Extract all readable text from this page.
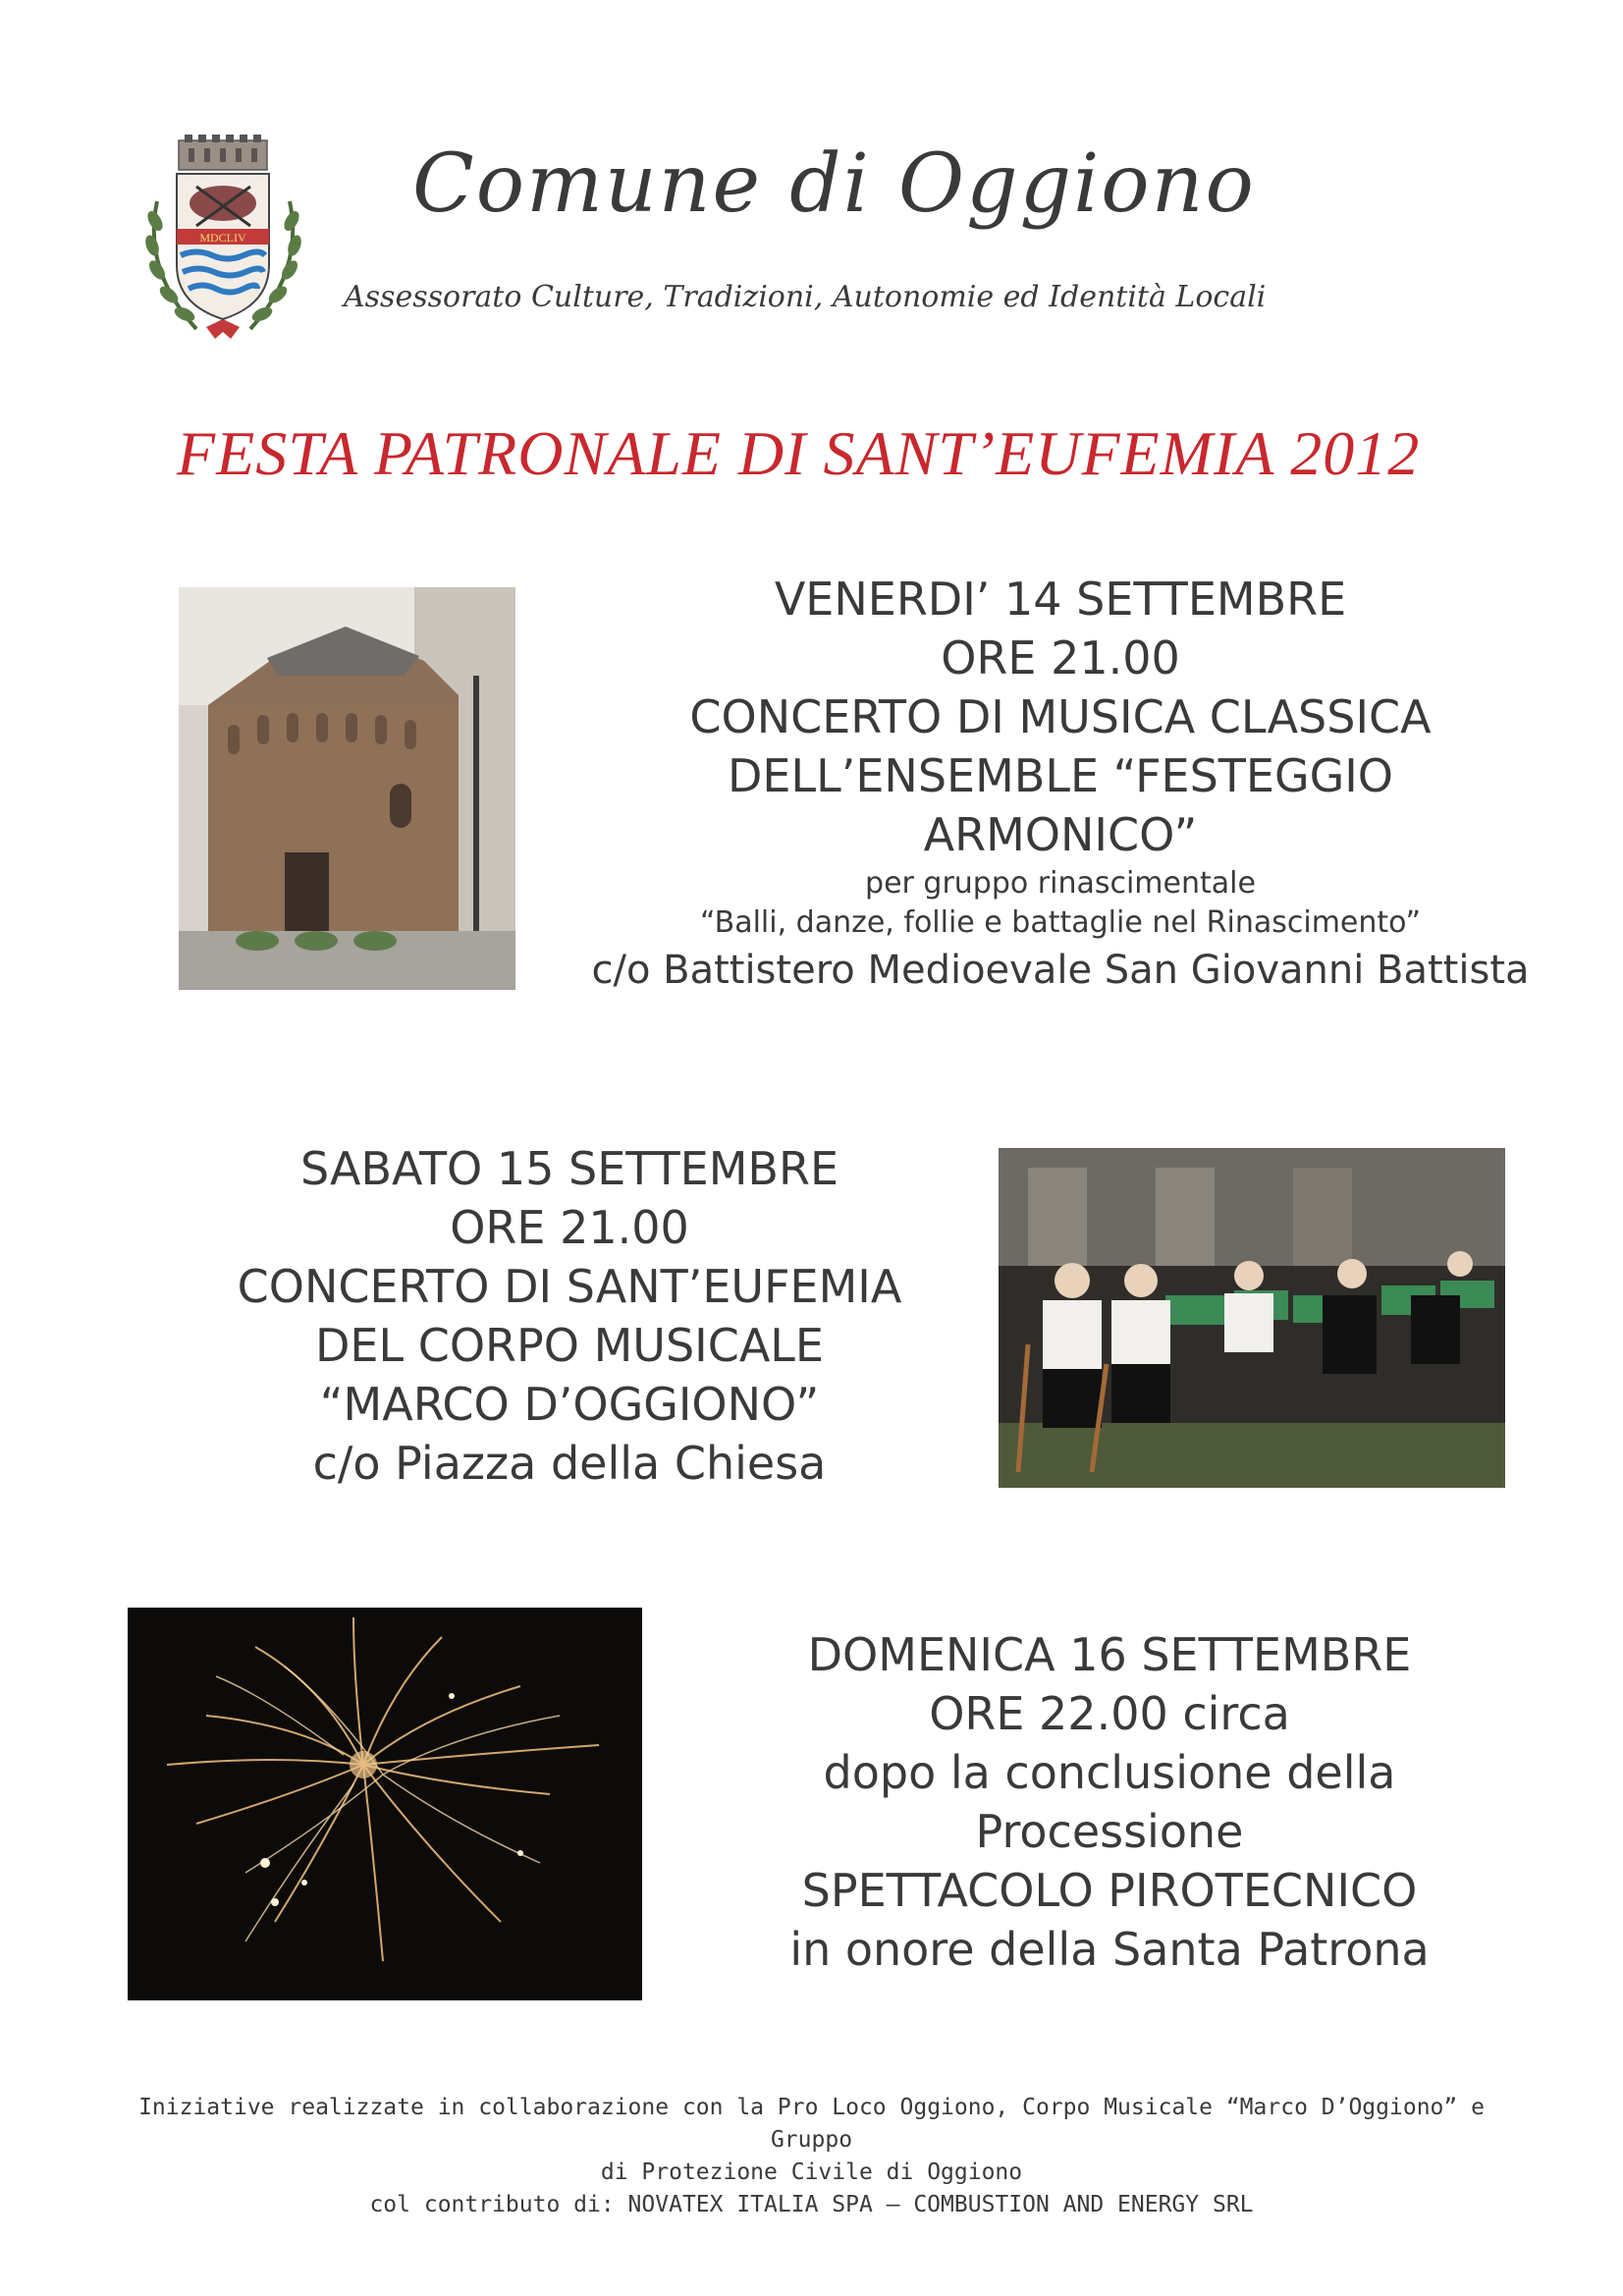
MDCLIV
Comune di Oggiono
Assessorato Culture, Tradizioni, Autonomie ed Identità Locali
FESTA PATRONALE DI SANT’EUFEMIA 2012
VENERDI’ 14 SETTEMBRE
ORE 21.00
CONCERTO DI MUSICA CLASSICA
DELL’ENSEMBLE “FESTEGGIO
ARMONICO”
per gruppo rinascimentale
“Balli, danze, follie e battaglie nel Rinascimento”
c/o Battistero Medioevale San Giovanni Battista
SABATO 15 SETTEMBRE
ORE 21.00
CONCERTO DI SANT’EUFEMIA
DEL CORPO MUSICALE
“MARCO D’OGGIONO”
c/o Piazza della Chiesa
DOMENICA 16 SETTEMBRE
ORE 22.00 circa
dopo la conclusione della
Processione
SPETTACOLO PIROTECNICO
in onore della Santa Patrona
Iniziative realizzate in collaborazione con la Pro Loco Oggiono, Corpo Musicale “Marco D’Oggiono” e Gruppo
di Protezione Civile di Oggiono
col contributo di: NOVATEX ITALIA SPA – COMBUSTION AND ENERGY SRL
